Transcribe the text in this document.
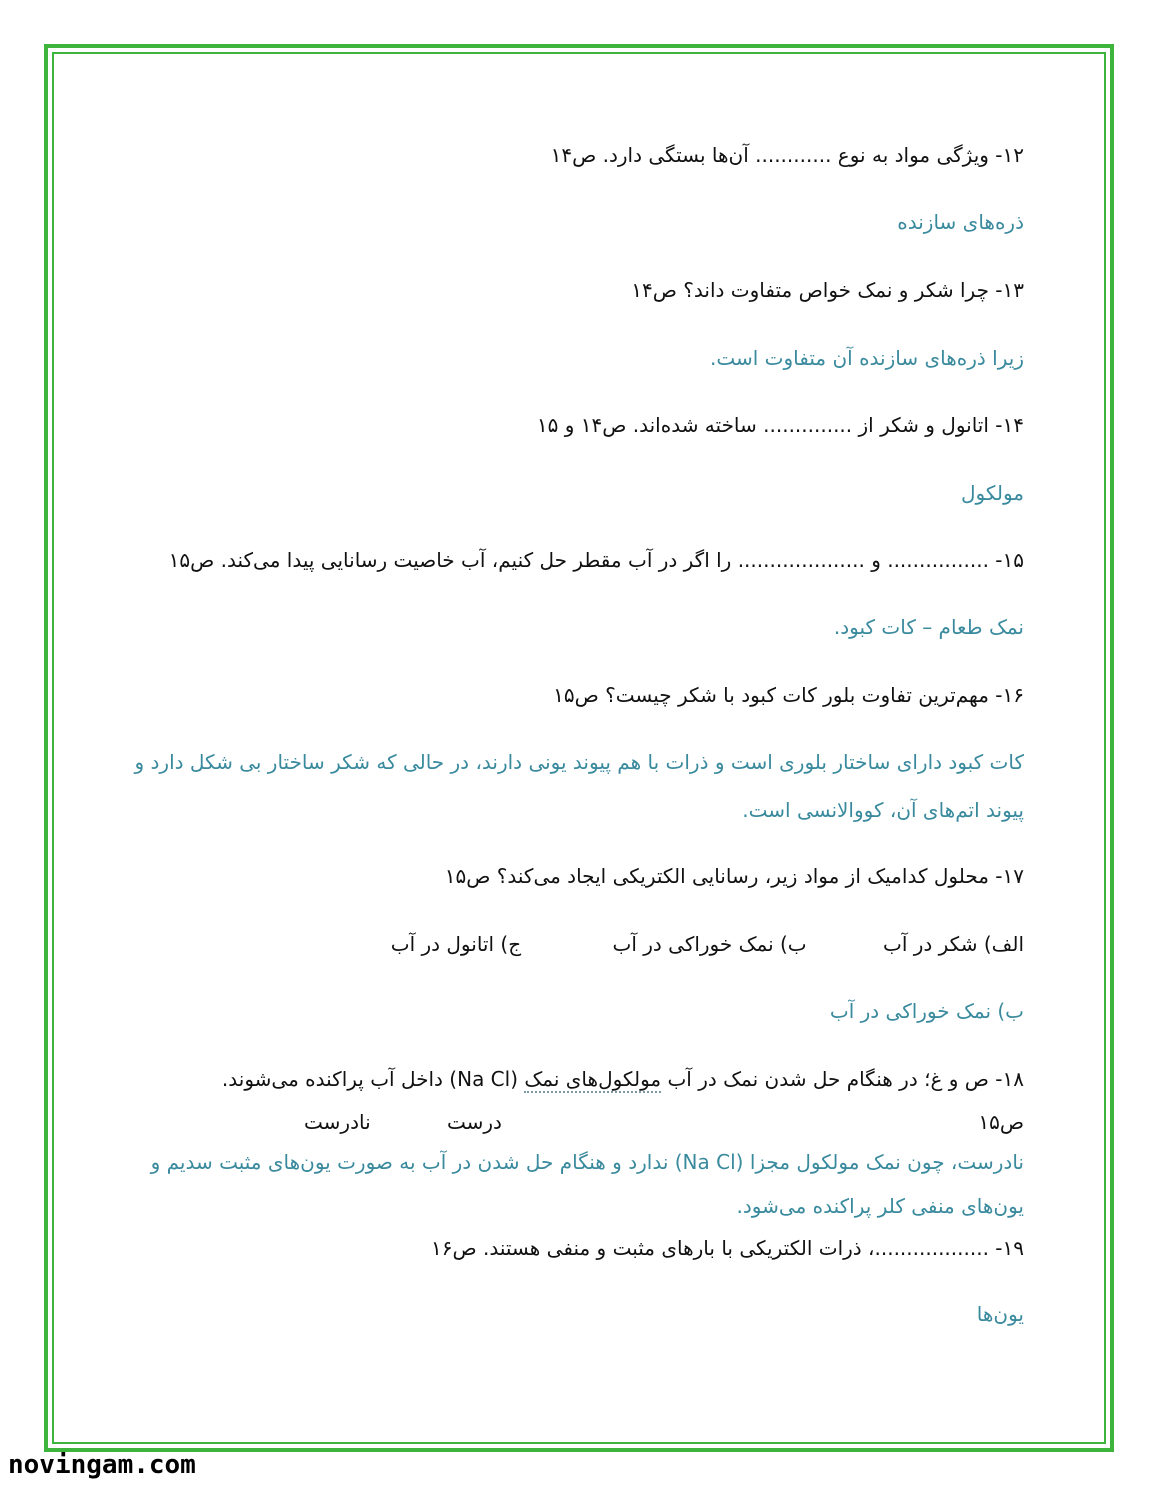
۱۲- ویژگی مواد به نوع ............ آن‌ها بستگی دارد. ص۱۴
ذره‌های سازنده
۱۳- چرا شکر و نمک خواص متفاوت داند؟ ص۱۴
زیرا ذره‌های سازنده آن متفاوت است.
۱۴- اتانول و شکر از .............. ساخته شده‌اند. ص۱۴ و ۱۵
مولکول
۱۵- ................ و .................... را اگر در آب مقطر حل کنیم، آب خاصیت رسانایی پیدا می‌کند. ص۱۵
نمک طعام – کات کبود.
۱۶- مهم‌ترین تفاوت بلور کات کبود با شکر چیست؟ ص۱۵
کات کبود دارای ساختار بلوری است و ذرات با هم پیوند یونی دارند، در حالی که شکر ساختار بی شکل دارد و پیوند اتم‌های آن، کووالانسی است.
۱۷- محلول کدامیک از مواد زیر، رسانایی الکتریکی ایجاد می‌کند؟ ص۱۵
الف) شکر در آب ب) نمک خوراکی در آب ج) اتانول در آب
ب) نمک خوراکی در آب
۱۸- ص و غ؛ در هنگام حل شدن نمک در آب مولکول‌های نمک (Na Cl) داخل آب پراکنده می‌شوند.
ص۱۵ درست نادرست
نادرست، چون نمک مولکول مجزا (Na Cl) ندارد و هنگام حل شدن در آب به صورت یون‌های مثبت سدیم و یون‌های منفی کلر پراکنده می‌شود.
۱۹- ..................، ذرات الکتریکی با بارهای مثبت و منفی هستند. ص۱۶
یون‌ها
novingam.com
